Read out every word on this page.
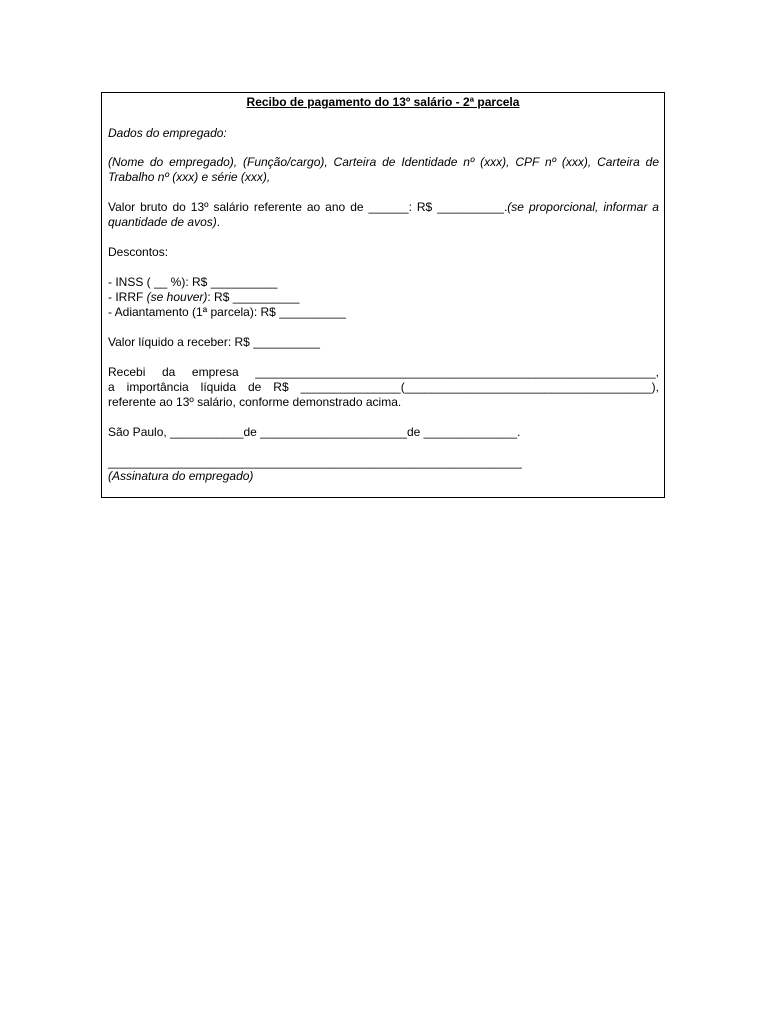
Recibo de pagamento do 13º salário - 2ª parcela
Dados do empregado:
(Nome do empregado), (Função/cargo), Carteira de Identidade nº (xxx), CPF nº (xxx), Carteira de
Trabalho nº (xxx) e série (xxx),
Valor bruto do 13º salário referente ao ano de ______: R$ __________.(se proporcional, informar a
quantidade de avos).
Descontos:
- INSS ( __ %): R$ __________
- IRRF (se houver): R$ __________
- Adiantamento (1ª parcela): R$ __________
Valor líquido a receber: R$ __________
Recebi da empresa ____________________________________________________________,
a importância líquida de R$ _______________(_____________________________________),
referente ao 13º salário, conforme demonstrado acima.
São Paulo, ___________de ______________________de ______________.
______________________________________________________________
(Assinatura do empregado)
